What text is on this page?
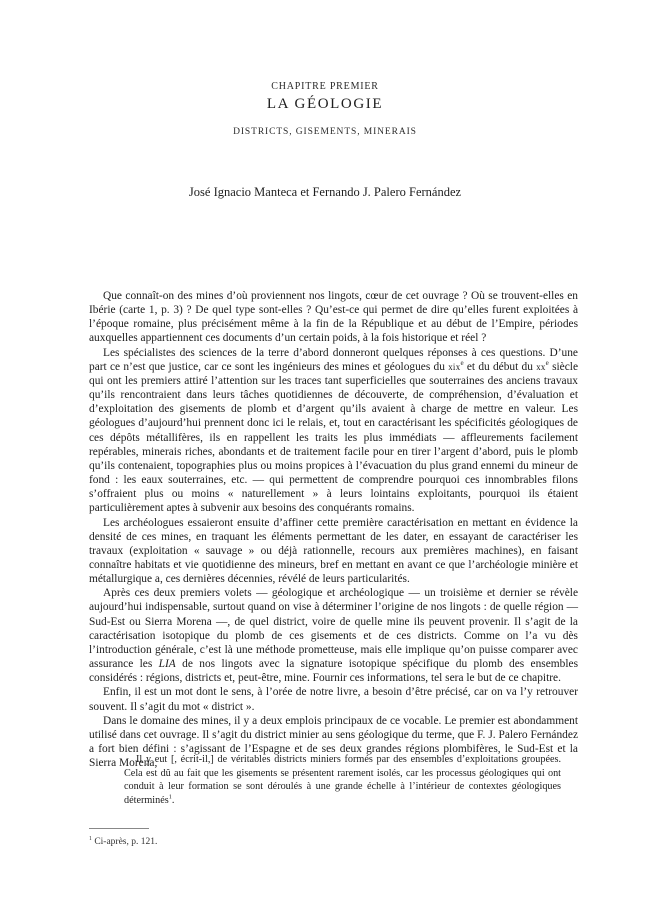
CHAPITRE PREMIER
LA GÉOLOGIE
DISTRICTS, GISEMENTS, MINERAIS
José Ignacio Manteca et Fernando J. Palero Fernández

Que connaît-on des mines d’où proviennent nos lingots, cœur de cet ouvrage ? Où se trouvent-elles en Ibérie (carte 1, p. 3) ? De quel type sont-elles ? Qu’est-ce qui permet de dire qu’elles furent exploitées à l’époque romaine, plus précisément même à la fin de la République et au début de l’Empire, périodes auxquelles appartiennent ces documents d’un certain poids, à la fois historique et réel ?

Les spécialistes des sciences de la terre d’abord donneront quelques réponses à ces questions. D’une part ce n’est que justice, car ce sont les ingénieurs des mines et géologues du xix$^e$ et du début du $xx^e$ siècle qui ont les premiers attiré l’attention sur les traces tant superficielles que souterraines des anciens travaux qu’ils rencontraient dans leurs tâches quotidiennes de découverte, de compréhension, d’évaluation et d’exploitation des gisements de plomb et d’argent qu’ils avaient à charge de mettre en valeur. Les géologues d’aujourd’hui prennent donc ici le relais, et, tout en caractérisant les spécificités géologiques de ces dépôts métallifères, ils en rappellent les traits les plus immédiats — affleurements facilement repérables, minerais riches, abondants et de traitement facile pour en tirer l’argent d’abord, puis le plomb qu’ils contenaient, topographies plus ou moins propices à l’évacuation du plus grand ennemi du mineur de fond : les eaux souterraines, etc. — qui permettent de comprendre pourquoi ces innombrables filons s’offraient plus ou moins « naturellement » à leurs lointains exploitants, pourquoi ils étaient particulièrement aptes à subvenir aux besoins des conquérants romains.

Les archéologues essaieront ensuite d’affiner cette première caractérisation en mettant en évidence la densité de ces mines, en traquant les éléments permettant de les dater, en essayant de caractériser les travaux (exploitation « sauvage » ou déjà rationnelle, recours aux premières machines), en faisant connaître habitats et vie quotidienne des mineurs, bref en mettant en avant ce que l’archéologie minière et métallurgique a, ces dernières décennies, révélé de leurs particularités.

Après ces deux premiers volets — géologique et archéologique — un troisième et dernier se révèle aujourd’hui indispensable, surtout quand on vise à déterminer l’origine de nos lingots : de quelle région — Sud-Est ou Sierra Morena —, de quel district, voire de quelle mine ils peuvent provenir. Il s’agit de la caractérisation isotopique du plomb de ces gisements et de ces districts. Comme on l’a vu dès l’introduction générale, c’est là une méthode prometteuse, mais elle implique qu’on puisse comparer avec assurance les LIA de nos lingots avec la signature isotopique spécifique du plomb des ensembles considérés : régions, districts et, peut-être, mine. Fournir ces informations, tel sera le but de ce chapitre.

Enfin, il est un mot dont le sens, à l’orée de notre livre, a besoin d’être précisé, car on va l’y retrouver souvent. Il s’agit du mot « district ».

Dans le domaine des mines, il y a deux emplois principaux de ce vocable. Le premier est abondamment utilisé dans cet ouvrage. Il s’agit du district minier au sens géologique du terme, que F. J. Palero Fernández a fort bien défini : s’agissant de l’Espagne et de ses deux grandes régions plombifères, le Sud-Est et la Sierra Morena,

Il y eut [, écrit-il,] de véritables districts miniers formés par des ensembles d’exploitations groupées. Cela est dû au fait que les gisements se présentent rarement isolés, car les processus géologiques qui ont conduit à leur formation se sont déroulés à une grande échelle à l’intérieur de contextes géologiques déterminés$^1$.

$^1$ Ci-après, p. 121.
